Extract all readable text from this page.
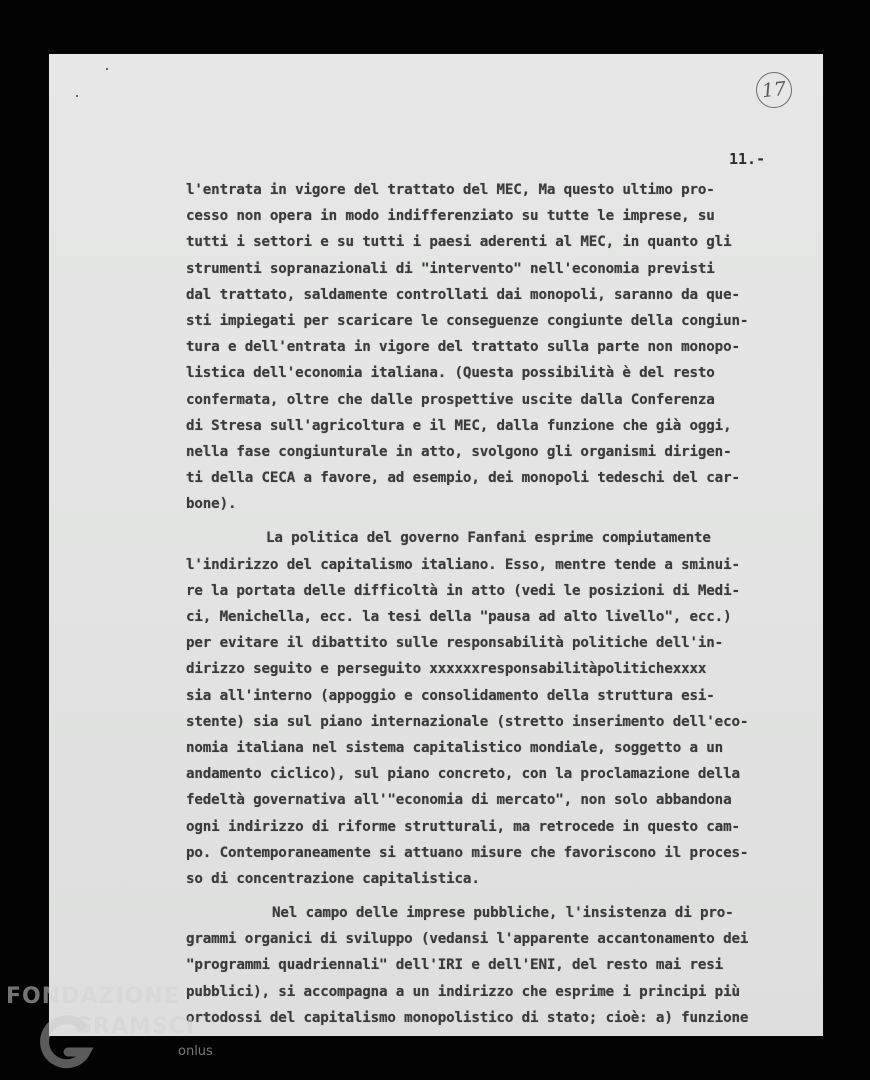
17
11.-
l'entrata in vigore del trattato del MEC, Ma questo ultimo pro-
cesso non opera in modo indifferenziato su tutte le imprese, su
tutti i settori e su tutti i paesi aderenti al MEC, in quanto gli
strumenti sopranazionali di "intervento" nell'economia previsti
dal trattato, saldamente controllati dai monopoli, saranno da que-
sti impiegati per scaricare le conseguenze congiunte della congiun-
tura e dell'entrata in vigore del trattato sulla parte non monopo-
listica dell'economia italiana. (Questa possibilità è del resto
confermata, oltre che dalle prospettive uscite dalla Conferenza
di Stresa sull'agricoltura e il MEC, dalla funzione che già oggi,
nella fase congiunturale in atto, svolgono gli organismi dirigen-
ti della CECA a favore, ad esempio, dei monopoli tedeschi del car-
bone).
La politica del governo Fanfani esprime compiutamente
l'indirizzo del capitalismo italiano. Esso, mentre tende a sminui-
re la portata delle difficoltà in atto (vedi le posizioni di Medi-
ci, Menichella, ecc. la tesi della "pausa ad alto livello", ecc.)
per evitare il dibattito sulle responsabilità politiche dell'in-
dirizzo seguito e perseguito xxxxxxresponsabilitàpolitichexxxx
sia all'interno (appoggio e consolidamento della struttura esi-
stente) sia sul piano internazionale (stretto inserimento dell'eco-
nomia italiana nel sistema capitalistico mondiale, soggetto a un
andamento ciclico), sul piano concreto, con la proclamazione della
fedeltà governativa all'"economia di mercato", non solo abbandona
ogni indirizzo di riforme strutturali, ma retrocede in questo cam-
po. Contemporaneamente si attuano misure che favoriscono il proces-
so di concentrazione capitalistica.
Nel campo delle imprese pubbliche, l'insistenza di pro-
grammi organici di sviluppo (vedansi l'apparente accantonamento dei
"programmi quadriennali" dell'IRI e dell'ENI, del resto mai resi
pubblici), si accompagna a un indirizzo che esprime i principi più
ortodossi del capitalismo monopolistico di stato; cioè: a) funzione
FONDAZIONE
GRAMSCI
onlus
